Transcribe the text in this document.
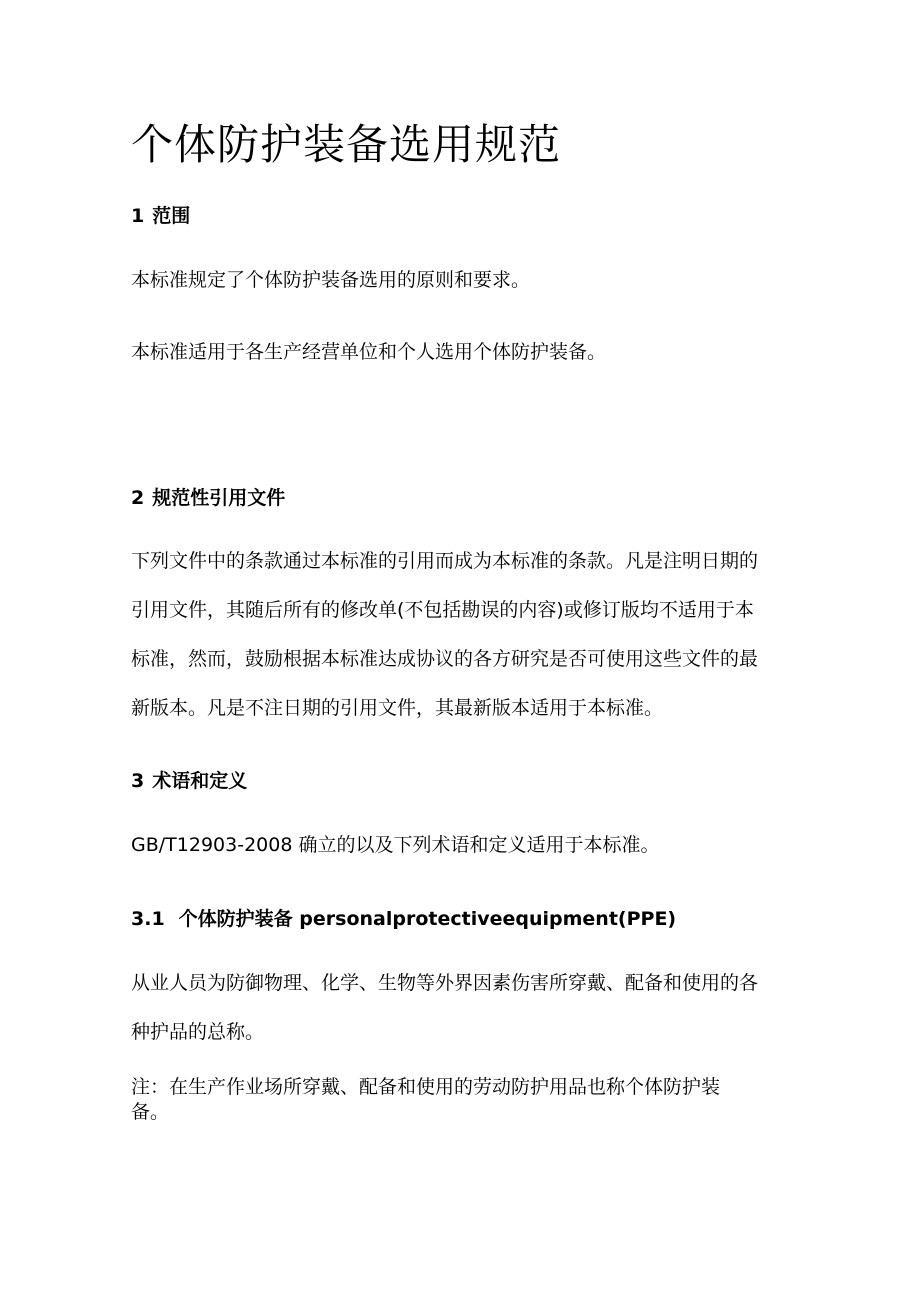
个体防护装备选用规范
1 范围

本标准规定了个体防护装备选用的原则和要求。

本标准适用于各生产经营单位和个人选用个体防护装备。

2 规范性引用文件
下列文件中的条款通过本标准的引用而成为本标准的条款。凡是注明日期的
引用文件，其随后所有的修改单(不包括勘误的内容)或修订版均不适用于本
标准，然而，鼓励根据本标准达成协议的各方研究是否可使用这些文件的最
新版本。凡是不注日期的引用文件，其最新版本适用于本标准。
3 术语和定义

GB/T12903-2008 确立的以及下列术语和定义适用于本标准。

3.1 个体防护装备 personalprotectiveequipment(PPE)
从业人员为防御物理、化学、生物等外界因素伤害所穿戴、配备和使用的各
种护品的总称。
注：在生产作业场所穿戴、配备和使用的劳动防护用品也称个体防护装
备。
